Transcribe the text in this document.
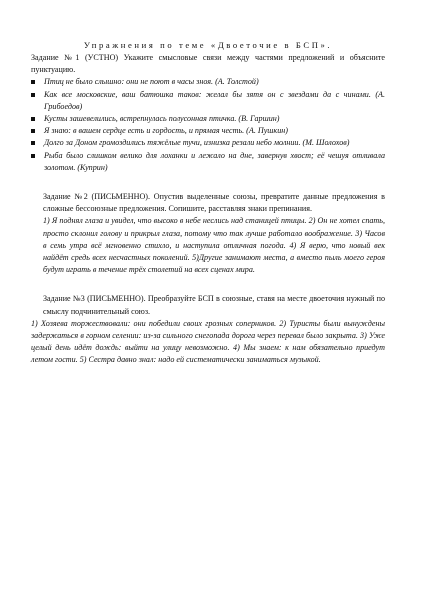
Упражнения по теме «Двоеточие в БСП».

Задание №1 (УСТНО) Укажите смысловые связи между частями предложений и объясните пунктуацию.

Птиц не было слышно: они не поют в часы зноя. (А. Толстой)
Как все московские, ваш батюшка таков: желал бы зятя он с звездами да с чинами. (А. Грибоедов)
Кусты зашевелились, встрепнулась полусонная птичка. (В. Гаршин)
Я знаю: в вашем сердце есть и гордость, и прямая честь. (А. Пушкин)
Долго за Доном громоздились тяжёлые тучи, изнизка резали небо молнии. (М. Шолохов)
Рыба было слишком велико для лоханки и лежало на дне, завернув хвост; её чешуя отливала золотом. (Куприн)

Задание №2 (ПИСЬМЕННО). Опустив выделенные союзы, превратите данные предложения в сложные бессоюзные предложения. Сопишите, расставляя знаки препинания.

1) Я поднял глаза и увидел, что высоко в небе неслись над станицей птицы. 2) Он не хотел спать, просто склонил голову и прикрыл глаза, потому что так лучше работало воображение. 3) Часов в семь утра всё мгновенно стихло, и наступила отличная погода. 4) Я верю, что новый век найдёт средь всех несчастных поколений. 5)Другие занимают места, а вместо пыль моего героя будут играть в течение трёх столетий на всех сценах мира.

Задание №3 (ПИСЬМЕННО). Преобразуйте БСП в союзные, ставя на месте двоеточия нужный по смыслу подчинительный союз.

1) Хозяева торжествовали: они победили своих грозных соперников. 2) Туристы были вынуждены задержаться в горном селении: из-за сильного снегопада дорога через перевал было закрыта. 3) Уже целый день идёт дождь: выйти на улицу невозможно. 4) Мы знаем: к нам обязательно приедут летом гости. 5) Сестра давно знал: надо ей систематически заниматься музыкой.
